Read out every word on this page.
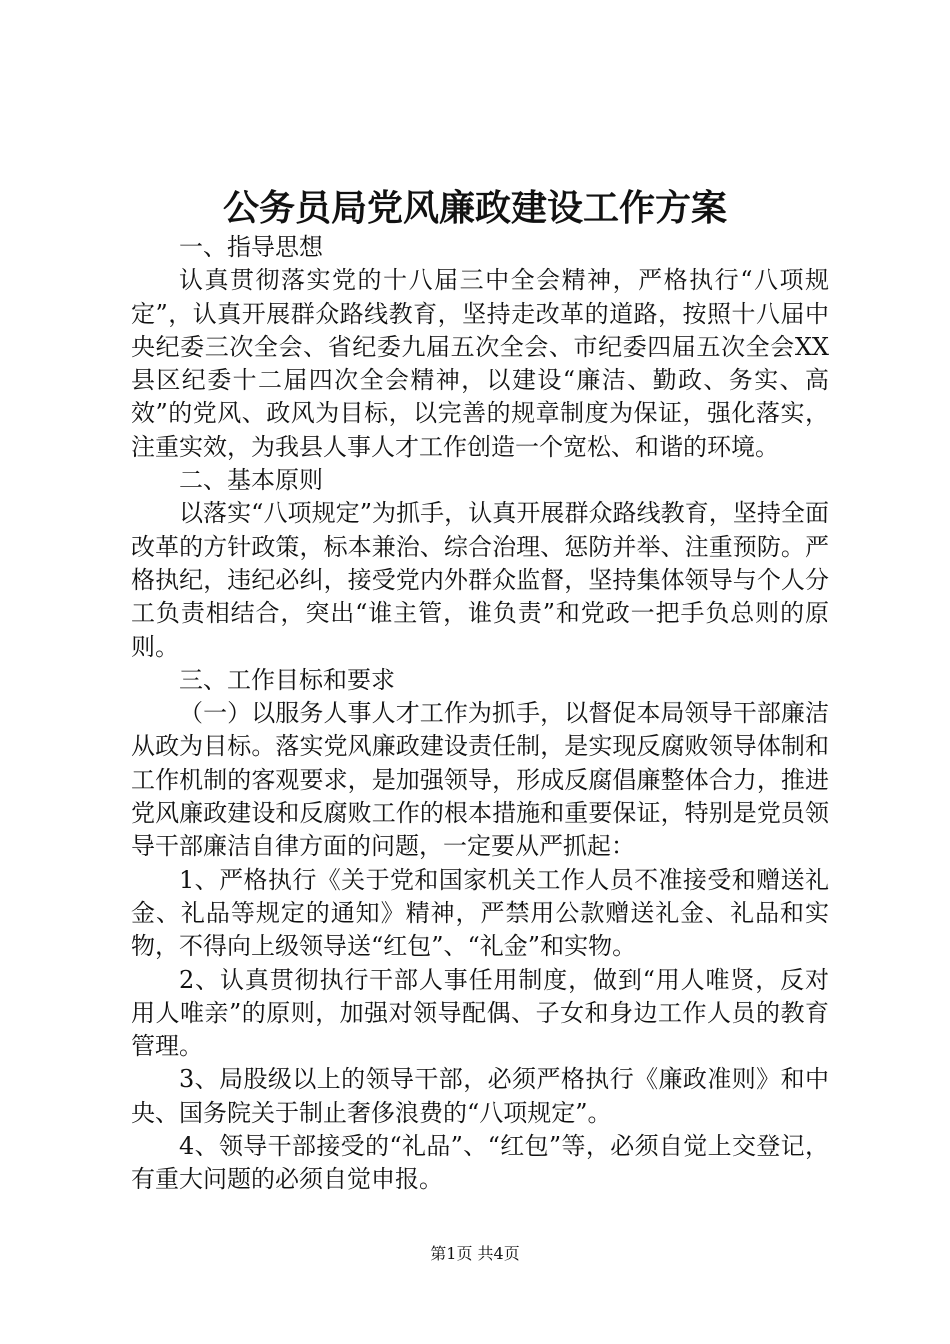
公务员局党风廉政建设工作方案

一、指导思想

认真贯彻落实党的十八届三中全会精神，严格执行“八项规定”，认真开展群众路线教育，坚持走改革的道路，按照十八届中央纪委三次全会、省纪委九届五次全会、市纪委四届五次全会XX县区纪委十二届四次全会精神，以建设“廉洁、勤政、务实、高效”的党风、政风为目标，以完善的规章制度为保证，强化落实，注重实效，为我县人事人才工作创造一个宽松、和谐的环境。

二、基本原则

以落实“八项规定”为抓手，认真开展群众路线教育，坚持全面改革的方针政策，标本兼治、综合治理、惩防并举、注重预防。严格执纪，违纪必纠，接受党内外群众监督，坚持集体领导与个人分工负责相结合，突出“谁主管，谁负责”和党政一把手负总则的原则。

三、工作目标和要求

（一）以服务人事人才工作为抓手，以督促本局领导干部廉洁从政为目标。落实党风廉政建设责任制，是实现反腐败领导体制和工作机制的客观要求，是加强领导，形成反腐倡廉整体合力，推进党风廉政建设和反腐败工作的根本措施和重要保证，特别是党员领导干部廉洁自律方面的问题，一定要从严抓起：

1、严格执行《关于党和国家机关工作人员不准接受和赠送礼金、礼品等规定的通知》精神，严禁用公款赠送礼金、礼品和实物，不得向上级领导送“红包”、“礼金”和实物。

2、认真贯彻执行干部人事任用制度，做到“用人唯贤，反对用人唯亲”的原则，加强对领导配偶、子女和身边工作人员的教育管理。

3、局股级以上的领导干部，必须严格执行《廉政准则》和中央、国务院关于制止奢侈浪费的“八项规定”。

4、领导干部接受的“礼品”、“红包”等，必须自觉上交登记，有重大问题的必须自觉申报。

第1页 共4页
